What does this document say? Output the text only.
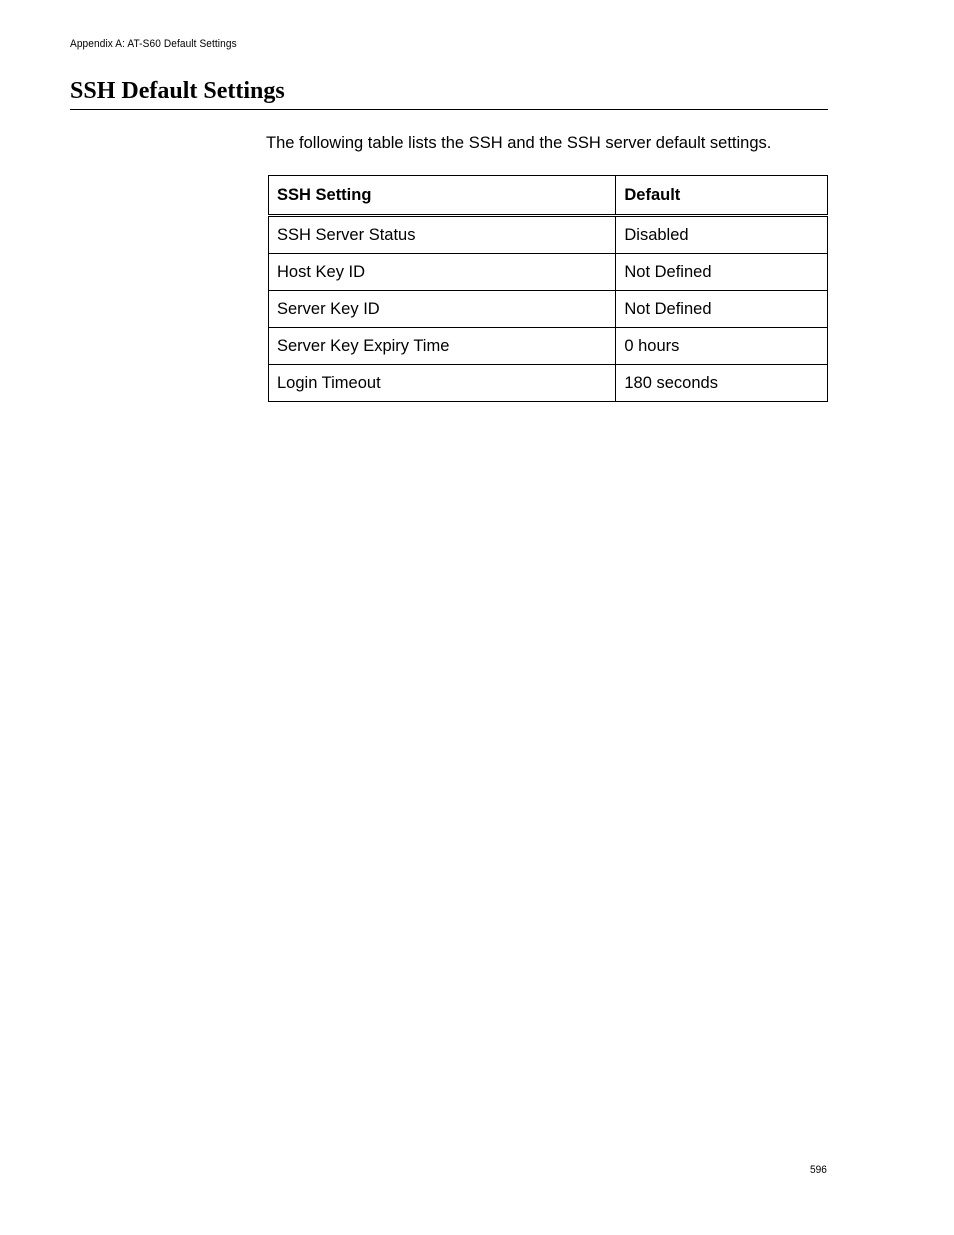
Appendix A: AT-S60 Default Settings
SSH Default Settings

The following table lists the SSH and the SSH server default settings.

SSH Setting	Default
SSH Server Status	Disabled
Host Key ID	Not Defined
Server Key ID	Not Defined
Server Key Expiry Time	0 hours
Login Timeout	180 seconds
596
